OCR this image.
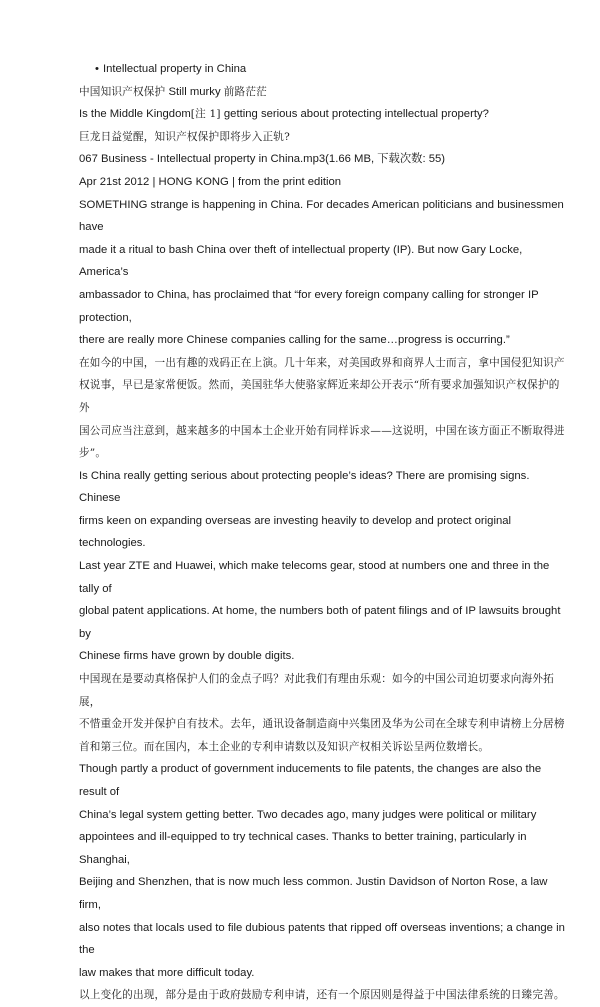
• Intellectual property in China

中国知识产权保护 Still murky 前路茫茫

Is the Middle Kingdom[注 1] getting serious about protecting intellectual property?

巨龙日益觉醒，知识产权保护即将步入正轨?

067 Business - Intellectual property in China.mp3(1.66 MB, 下载次数: 55)

Apr 21st 2012 | HONG KONG | from the print edition

SOMETHING strange is happening in China. For decades American politicians and businessmen have
made it a ritual to bash China over theft of intellectual property (IP). But now Gary Locke, America’s
ambassador to China, has proclaimed that “for every foreign company calling for stronger IP protection,
there are really more Chinese companies calling for the same…progress is occurring.”

在如今的中国，一出有趣的戏码正在上演。几十年来，对美国政界和商界人士而言，拿中国侵犯知识产
权说事，早已是家常便饭。然而，美国驻华大使骆家辉近来却公开表示“所有要求加强知识产权保护的外
国公司应当注意到，越来越多的中国本土企业开始有同样诉求——这说明，中国在该方面正不断取得进
步”。

Is China really getting serious about protecting people’s ideas? There are promising signs. Chinese
firms keen on expanding overseas are investing heavily to develop and protect original technologies.
Last year ZTE and Huawei, which make telecoms gear, stood at numbers one and three in the tally of
global patent applications. At home, the numbers both of patent filings and of IP lawsuits brought by
Chinese firms have grown by double digits.

中国现在是要动真格保护人们的金点子吗？对此我们有理由乐观：如今的中国公司迫切要求向海外拓展，
不惜重金开发并保护自有技术。去年，通讯设备制造商中兴集团及华为公司在全球专利申请榜上分居榜
首和第三位。而在国内，本土企业的专利申请数以及知识产权相关诉讼呈两位数增长。

Though partly a product of government inducements to file patents, the changes are also the result of
China’s legal system getting better. Two decades ago, many judges were political or military
appointees and ill-equipped to try technical cases. Thanks to better training, particularly in Shanghai,
Beijing and Shenzhen, that is now much less common. Justin Davidson of Norton Rose, a law firm,
also notes that locals used to file dubious patents that ripped off overseas inventions; a change in the
law makes that more difficult today.

以上变化的出现，部分是由于政府鼓励专利申请，还有一个原因则是得益于中国法律系统的日臻完善。
